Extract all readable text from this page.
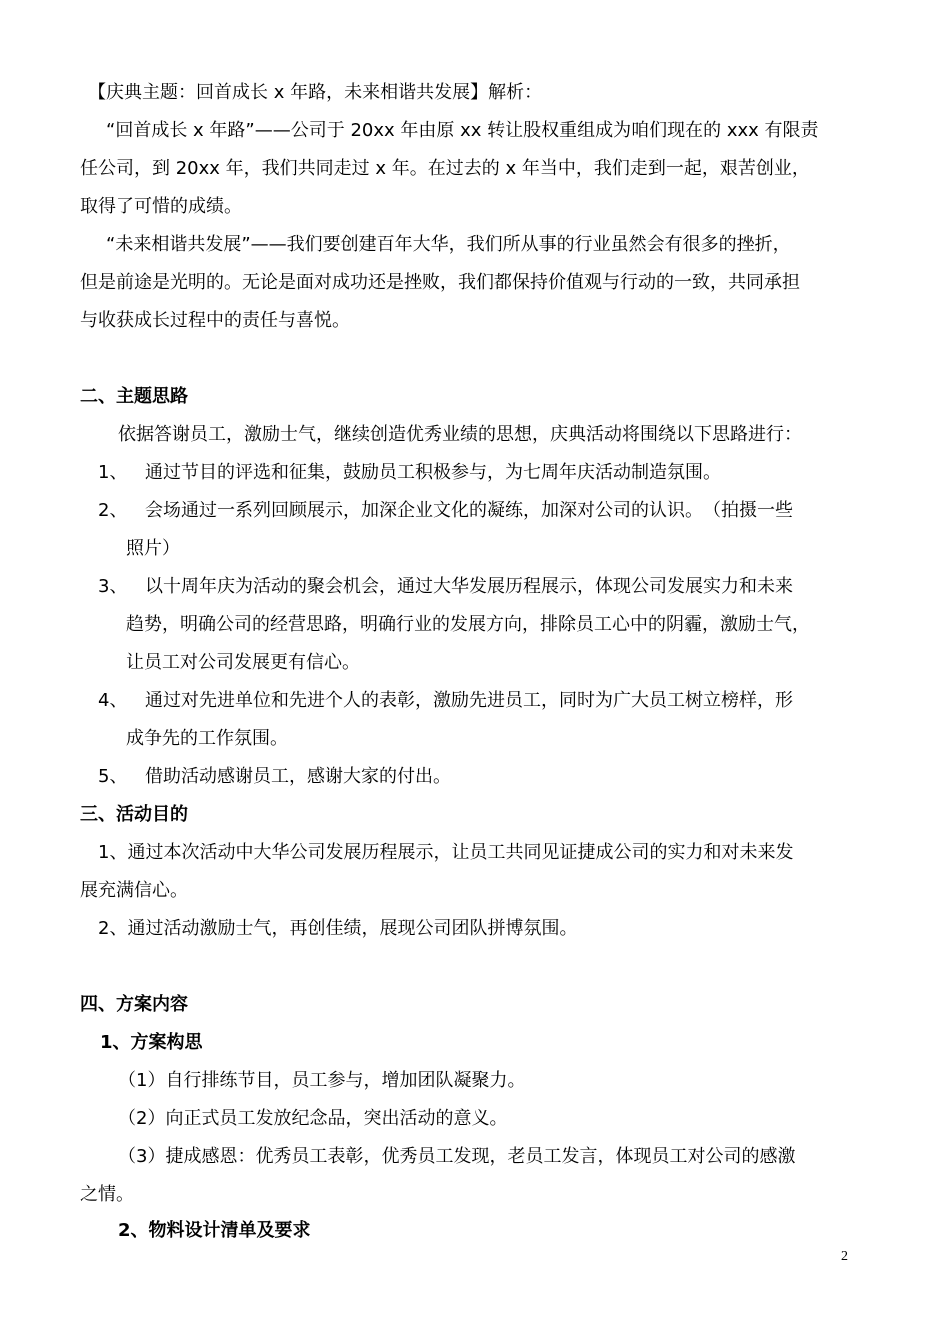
【庆典主题：回首成长 x 年路，未来相谐共发展】解析：

“回首成长 x 年路”——公司于 20xx 年由原 xx 转让股权重组成为咱们现在的 xxx 有限责

任公司，到 20xx 年，我们共同走过 x 年。在过去的 x 年当中，我们走到一起，艰苦创业，

取得了可惜的成绩。

“未来相谐共发展”——我们要创建百年大华，我们所从事的行业虽然会有很多的挫折，

但是前途是光明的。无论是面对成功还是挫败，我们都保持价值观与行动的一致，共同承担

与收获成长过程中的责任与喜悦。

二、主题思路

依据答谢员工，激励士气，继续创造优秀业绩的思想，庆典活动将围绕以下思路进行：

1、 通过节目的评选和征集，鼓励员工积极参与，为七周年庆活动制造氛围。

2、 会场通过一系列回顾展示，加深企业文化的凝练，加深对公司的认识。　（拍摄一些

照片）

3、 以十周年庆为活动的聚会机会，通过大华发展历程展示，体现公司发展实力和未来

趋势，明确公司的经营思路，明确行业的发展方向，排除员工心中的阴霾，激励士气，

让员工对公司发展更有信心。

4、 通过对先进单位和先进个人的表彰，激励先进员工，同时为广大员工树立榜样，形

成争先的工作氛围。

5、 借助活动感谢员工，感谢大家的付出。

三、活动目的

1、通过本次活动中大华公司发展历程展示，让员工共同见证捷成公司的实力和对未来发

展充满信心。

2、通过活动激励士气，再创佳绩，展现公司团队拼博氛围。

四、方案内容

1、方案构思

（1）自行排练节目，员工参与，增加团队凝聚力。

（2）向正式员工发放纪念品，突出活动的意义。

（3）捷成感恩：优秀员工表彰，优秀员工发现，老员工发言，体现员工对公司的感激

之情。

2、物料设计清单及要求

2
